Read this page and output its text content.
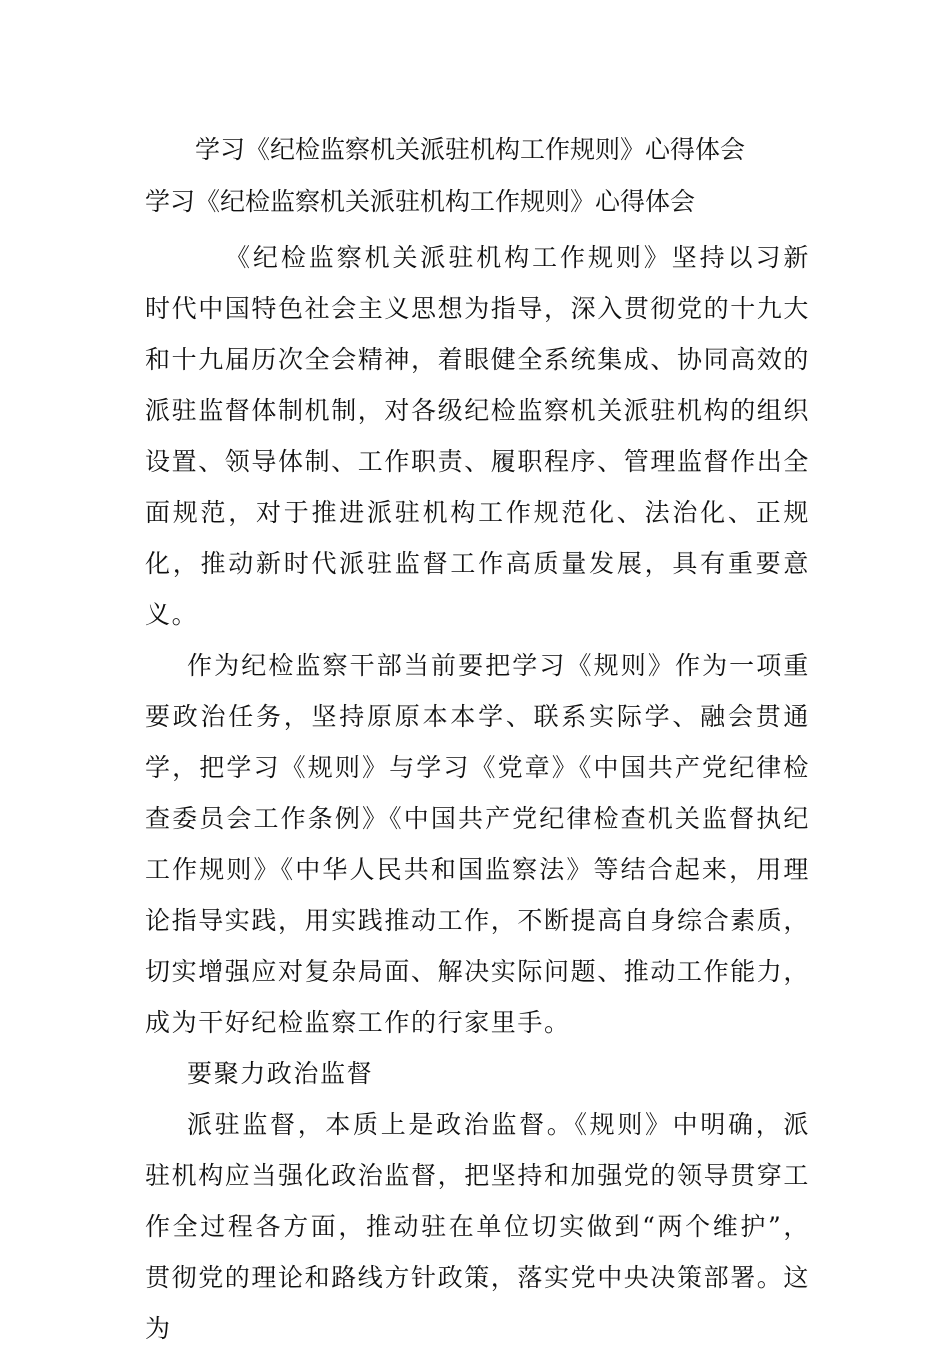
学习《纪检监察机关派驻机构工作规则》心得体会
学习《纪检监察机关派驻机构工作规则》心得体会

《纪检监察机关派驻机构工作规则》坚持以习新时代中国特色社会主义思想为指导，深入贯彻党的十九大和十九届历次全会精神，着眼健全系统集成、协同高效的派驻监督体制机制，对各级纪检监察机关派驻机构的组织设置、领导体制、工作职责、履职程序、管理监督作出全面规范，对于推进派驻机构工作规范化、法治化、正规化，推动新时代派驻监督工作高质量发展，具有重要意义。

作为纪检监察干部当前要把学习《规则》作为一项重要政治任务，坚持原原本本学、联系实际学、融会贯通学，把学习《规则》与学习《党章》《中国共产党纪律检查委员会工作条例》《中国共产党纪律检查机关监督执纪工作规则》《中华人民共和国监察法》等结合起来，用理论指导实践，用实践推动工作，不断提高自身综合素质，切实增强应对复杂局面、解决实际问题、推动工作能力，成为干好纪检监察工作的行家里手。

要聚力政治监督

派驻监督，本质上是政治监督。《规则》中明确，派驻机构应当强化政治监督，把坚持和加强党的领导贯穿工作全过程各方面，推动驻在单位切实做到“两个维护”，贯彻党的理论和路线方针政策，落实党中央决策部署。这为
